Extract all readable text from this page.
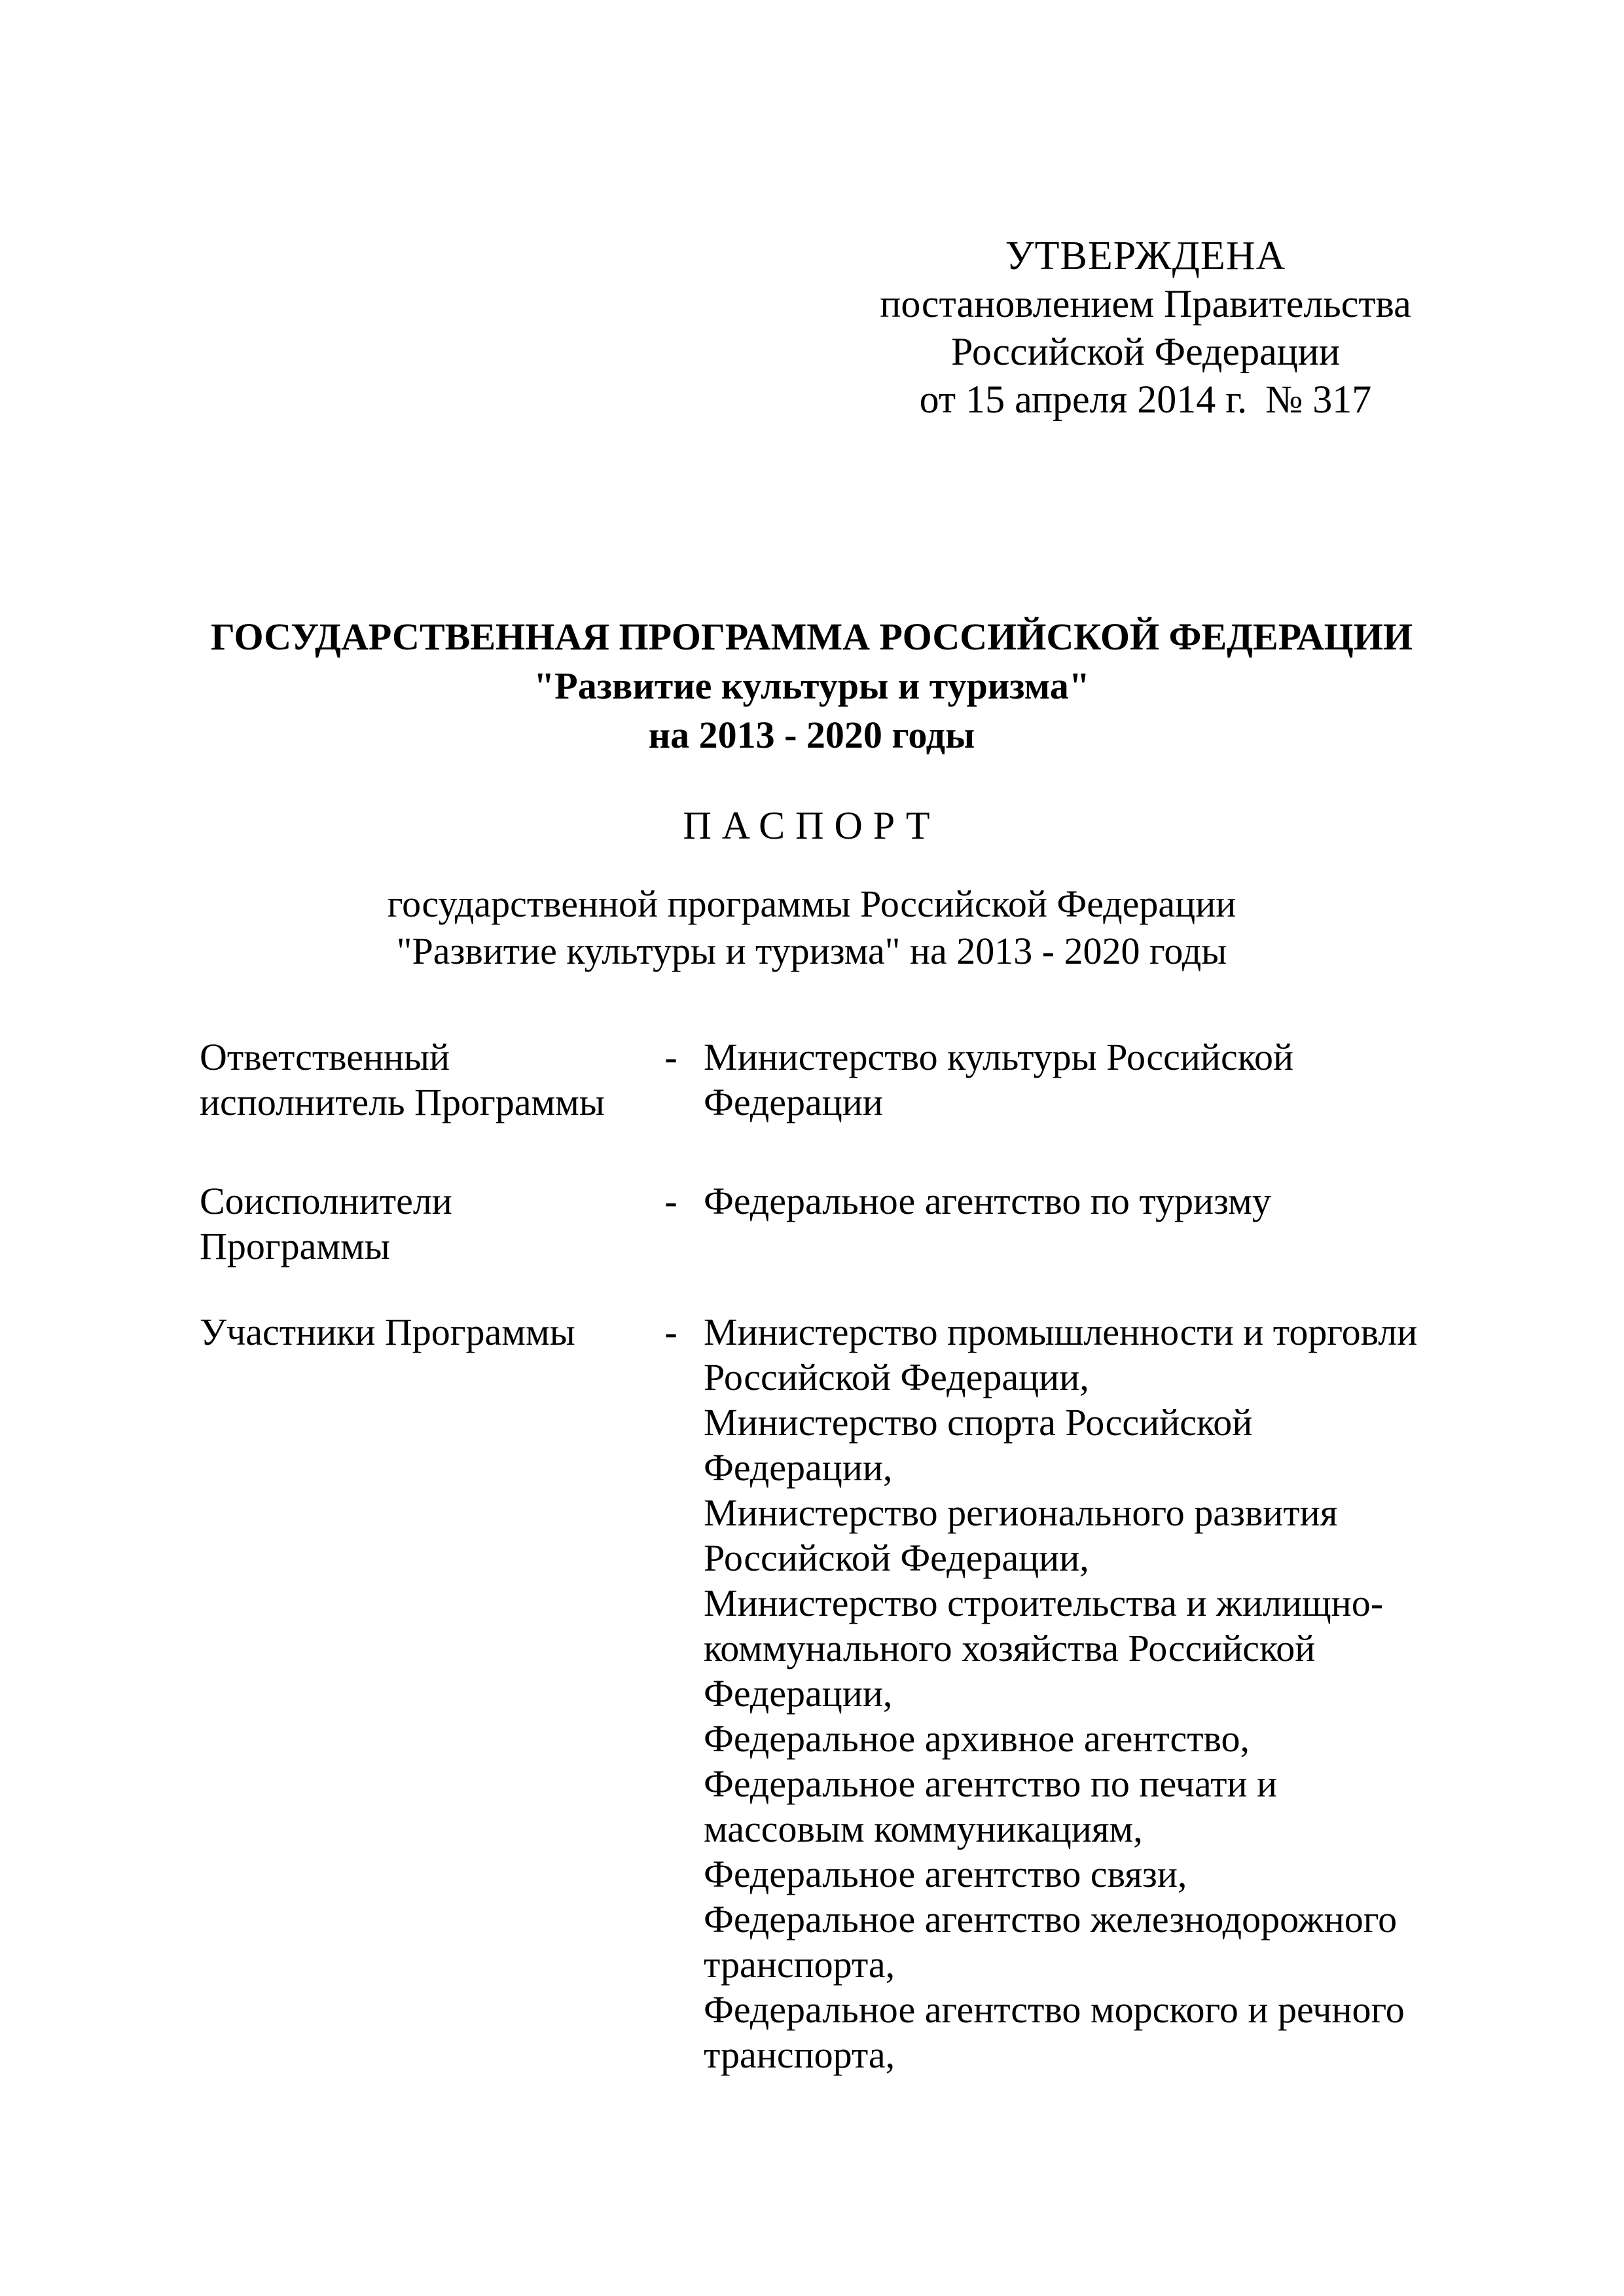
УТВЕРЖДЕНА
постановлением Правительства
Российской Федерации
от 15 апреля 2014 г. № 317
ГОСУДАРСТВЕННАЯ ПРОГРАММА РОССИЙСКОЙ ФЕДЕРАЦИИ
"Развитие культуры и туризма"
на 2013 - 2020 годы
ПАСПОРТ
государственной программы Российской Федерации
"Развитие культуры и туризма" на 2013 - 2020 годы
Ответственный
исполнитель Программы
- Министерство культуры Российской
Федерации
Соисполнители
Программы
- Федеральное агентство по туризму
Участники Программы	- Министерство промышленности и торговли
Российской Федерации,
Министерство спорта Российской
Федерации,
Министерство регионального развития
Российской Федерации,
Министерство строительства и жилищно-
коммунального хозяйства Российской
Федерации,
Федеральное архивное агентство,
Федеральное агентство по печати и
массовым коммуникациям,
Федеральное агентство связи,
Федеральное агентство железнодорожного
транспорта,
Федеральное агентство морского и речного
транспорта,
